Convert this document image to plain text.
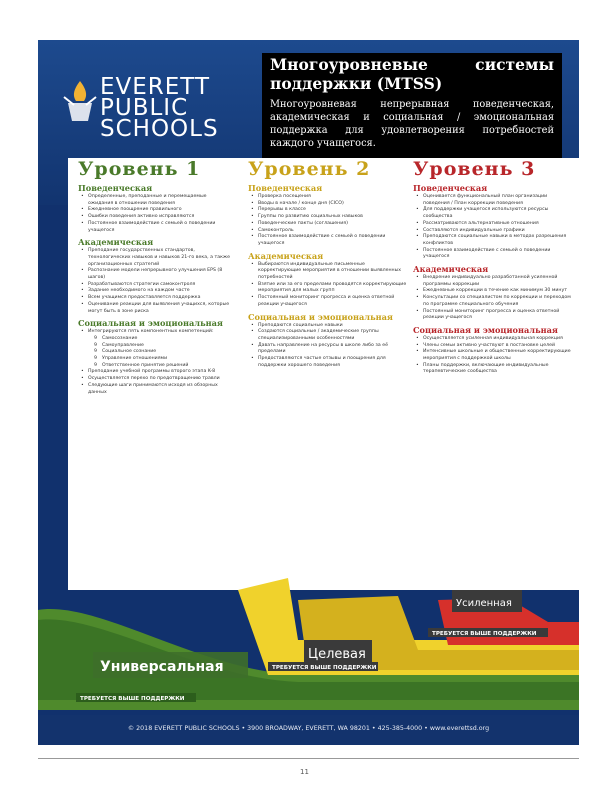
EVERETT
PUBLIC
SCHOOLS
Многоуровневые системы поддержки (MTSS)
Многоуровневая непрерывная поведенческая, академическая и социальная / эмоциональная поддержка для удовлетворения потребностей каждого учащегося.
Уровень 1
Поведенческая
• Определенные, преподанные и перемещаемые ожидания в отношении поведения
• Ежедневное поощрение правильного
• Ошибки поведения активно исправляются
• Постоянное взаимодействие с семьей о поведении учащегося
Академическая
• Преподание государственных стандартов, технологических навыков и навыков 21-го века, а также организационных стратегий
• Распознание модели непрерывного улучшения EPS (8 шагов)
• Разрабатываются стратегии самоконтроля
• Задание необходимого на каждом часте
• Всем учащимся предоставляется поддержка
• Оценивание реакции для выявления учащихся, которые могут быть в зоне риска
Социальная и эмоциональная
• Интегрируются пять компонентных компетенций:
9 Самосознание
9 Самоуправление
9 Социальное сознание
9 Управление отношениями
9 Ответственное принятие решений
• Преподание учебной программы второго этапа K-8
• Осуществляется перехо по предотвращению травли
• Следующие шаги принимаются исходя из обзорных данных
Уровень 2
Поведенческая
• Проверка посещения
• Вводы в начале / конце дня (CICO)
• Перерывы в классе
• Группы по развитию социальных навыков
• Поведенческие пакты (соглашения)
• Самоконтроль
• Постоянное взаимодействие с семьей о поведении учащегося
Академическая
• Выбираются индивидуальные письменные корректирующие мероприятия в отношении выявленных потребностей
• Взятие или за его пределами проводятся корректирующие мероприятия для малых групп
• Постоянный мониторинг прогресса и оценка ответной реакции учащегося
Социальная и эмоциональная
• Преподаются социальные навыки
• Создаются социальные / академические группы специализированными особенностями
• Давать направление на ресурсы в школе либо за её пределами
• Предоставляются частые отзывы и поощрения для поддержки хорошего поведения
Уровень 3
Поведенческая
• Оценивается функциональный план организации поведения / План коррекции поведения
• Для поддержки учащегося используются ресурсы сообщества
• Рассматриваются альтернативные отношения
• Составляются индивидуальные графики
• Преподаются социальные навыки в методах разрешения конфликтов
• Постоянное взаимодействие с семьей о поведении учащегося
Академическая
• Внедрение индивидуально разработанной усиленной программы коррекции
• Ежедневные коррекции в течение как минимум 30 минут
• Консультации со специалистом по коррекции и переходом по программе специального обучения
• Постоянный мониторинг прогресса и оценка ответной реакции учащегося
Социальная и эмоциональная
• Осуществляется усиленная индивидуальная коррекция
• Члены семьи активно участвуют в постановке целей
• Интенсивные школьные и общественные корректирующие мероприятия с поддержкой школы
• Планы поддержки, включающие индивидуальные терапевтические сообщества
Универсальная
Целевая
Усиленная
ТРЕБУЕТСЯ ВЫШЕ ПОДДЕРЖКИ
ТРЕБУЕТСЯ ВЫШЕ ПОДДЕРЖКИ
ТРЕБУЕТСЯ ВЫШЕ ПОДДЕРЖКИ
© 2018 EVERETT PUBLIC SCHOOLS • 3900 BROADWAY, EVERETT, WA 98201 • 425-385-4000 • www.everettsd.org
11
